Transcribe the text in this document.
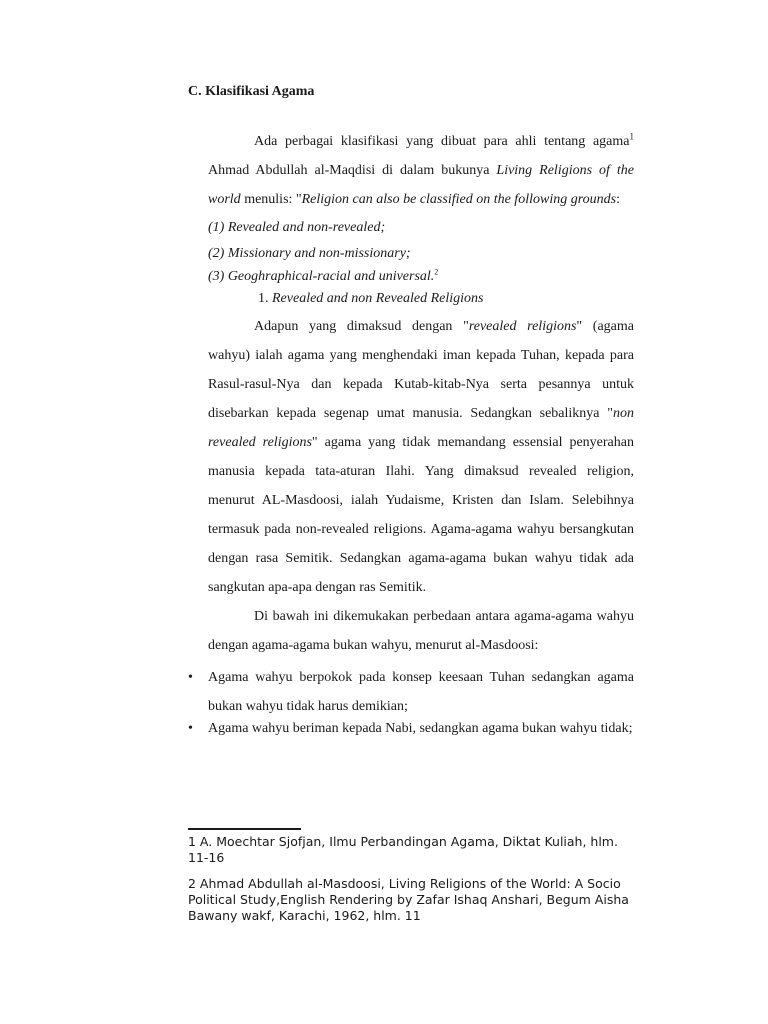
C. Klasifikasi Agama
Ada perbagai klasifikasi yang dibuat para ahli tentang agama$^1$ Ahmad Abdullah al-Maqdisi di dalam bukunya Living Religions of the world menulis: "Religion can also be classified on the following grounds:
(1) Revealed and non-revealed;
(2) Missionary and non-missionary;
(3) Geoghraphical-racial and universal.$^2$
1. Revealed and non Revealed Religions
Adapun yang dimaksud dengan "revealed religions" (agama wahyu) ialah agama yang menghendaki iman kepada Tuhan, kepada para Rasul-rasul-Nya dan kepada Kutab-kitab-Nya serta pesannya untuk disebarkan kepada segenap umat manusia. Sedangkan sebaliknya "non revealed religions" agama yang tidak memandang essensial penyerahan manusia kepada tata-aturan Ilahi. Yang dimaksud revealed religion, menurut AL-Masdoosi, ialah Yudaisme, Kristen dan Islam. Selebihnya termasuk pada non-revealed religions. Agama-agama wahyu bersangkutan dengan rasa Semitik. Sedangkan agama-agama bukan wahyu tidak ada sangkutan apa-apa dengan ras Semitik.
Di bawah ini dikemukakan perbedaan antara agama-agama wahyu dengan agama-agama bukan wahyu, menurut al-Masdoosi:
•	Agama wahyu berpokok pada konsep keesaan Tuhan sedangkan agama bukan wahyu tidak harus demikian;
•	Agama wahyu beriman kepada Nabi, sedangkan agama bukan wahyu tidak;
1 A. Moechtar Sjofjan, Ilmu Perbandingan Agama, Diktat Kuliah, hlm. 11-16
2 Ahmad Abdullah al-Masdoosi, Living Religions of the World: A Socio Political Study,English Rendering by Zafar Ishaq Anshari, Begum Aisha Bawany wakf, Karachi, 1962, hlm. 11
